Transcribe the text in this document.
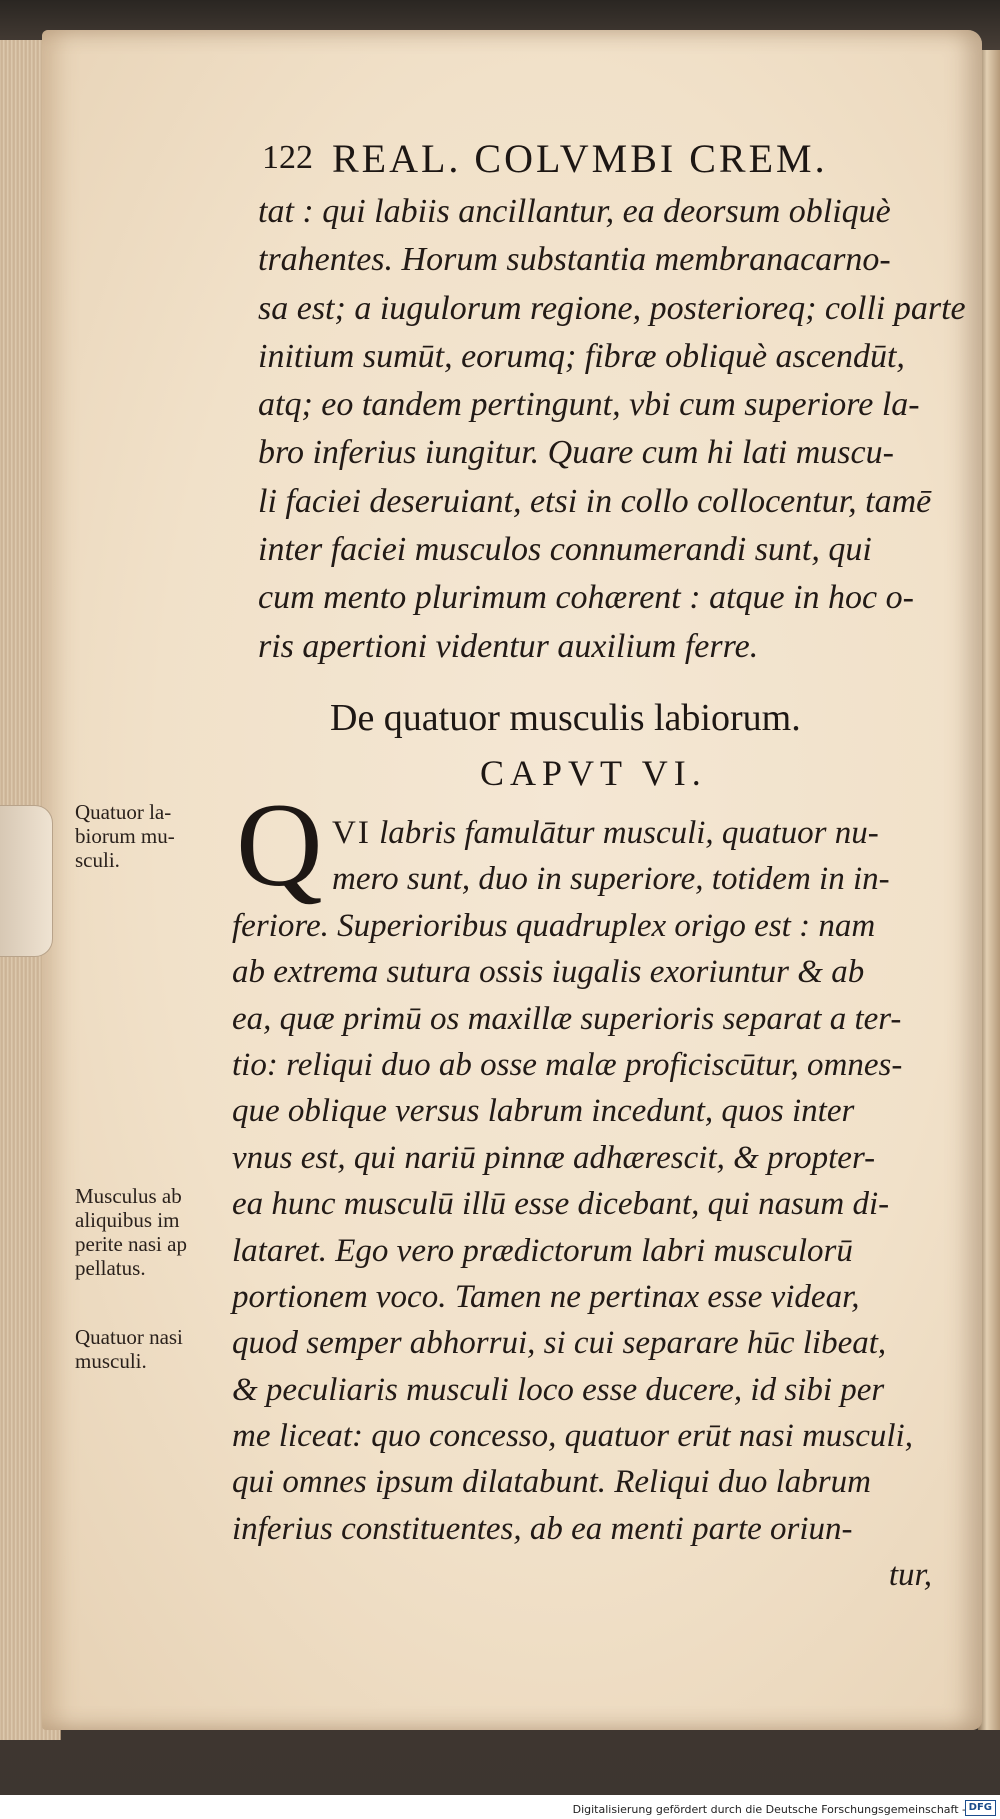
122 REAL. COLVMBI CREM.
tat : qui labiis ancillantur, ea deorsum obliquè
trahentes. Horum substantia membranacarno-
sa est; a iugulorum regione, posterioreq; colli parte
initium sumūt, eorumq; fibræ obliquè ascendūt,
atq; eo tandem pertingunt, vbi cum superiore la-
bro inferius iungitur. Quare cum hi lati muscu-
li faciei deseruiant, etsi in collo collocentur, tamē
inter faciei musculos connumerandi sunt, qui
cum mento plurimum cohærent : atque in hoc o-
ris apertioni videntur auxilium ferre.
De quatuor musculis labiorum.
CAPVT VI.
Q VI labris famulātur musculi, quatuor nu-
mero sunt, duo in superiore, totidem in in-
feriore. Superioribus quadruplex origo est : nam
ab extrema sutura ossis iugalis exoriuntur & ab
ea, quæ primū os maxillæ superioris separat a ter-
tio: reliqui duo ab osse malæ proficiscūtur, omnes-
que oblique versus labrum incedunt, quos inter
vnus est, qui nariū pinnæ adhærescit, & propter-
ea hunc musculū illū esse dicebant, qui nasum di-
lataret. Ego vero prædictorum labri musculorū
portionem voco. Tamen ne pertinax esse videar,
quod semper abhorrui, si cui separare hūc libeat,
& peculiaris musculi loco esse ducere, id sibi per
me liceat: quo concesso, quatuor erūt nasi musculi,
qui omnes ipsum dilatabunt. Reliqui duo labrum
inferius constituentes, ab ea menti parte oriun-
tur,
Quatuor la-
biorum mu-
sculi.
Musculus ab
aliquibus im
perite nasi ap
pellatus.
Quatuor nasi
musculi.
Digitalisierung gefördert durch die Deutsche Forschungsgemeinschaft - DFG
